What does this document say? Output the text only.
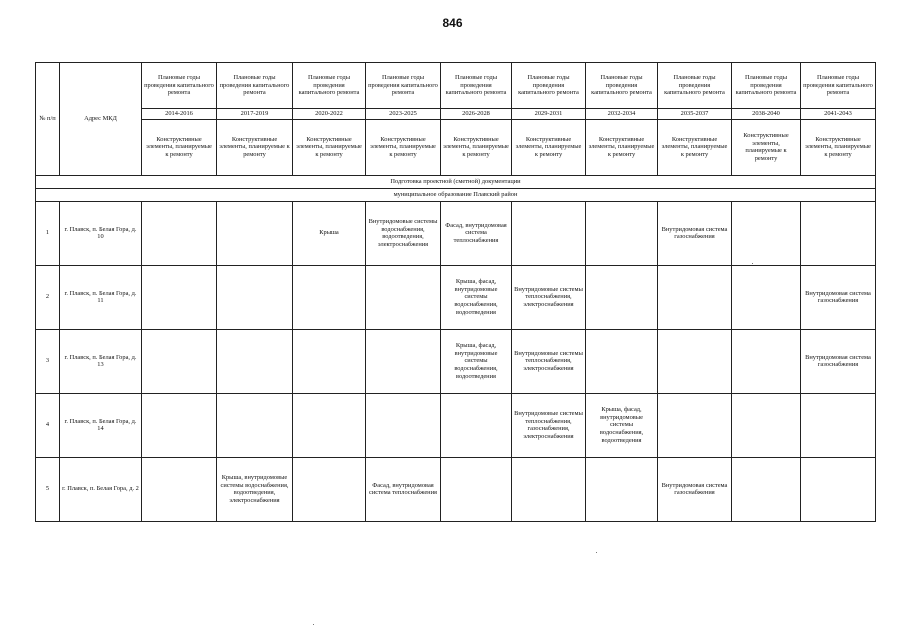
846
№ п/п	Адрес МКД	Плановые годы проведения капитального ремонта	Плановые годы проведения капитального ремонта	Плановые годы проведения капитального ремонта	Плановые годы проведения капитального ремонта	Плановые годы проведения капитального ремонта	Плановые годы проведения капитального ремонта	Плановые годы проведения капитального ремонта	Плановые годы проведения капитального ремонта	Плановые годы проведения капитального ремонта	Плановые годы проведения капитального ремонта
		2014-2016	2017-2019	2020-2022	2023-2025	2026-2028	2029-2031	2032-2034	2035-2037	2038-2040	2041-2043
		Конструктивные элементы, планируемые к ремонту	Конструктивные элементы, планируемые к ремонту	Конструктивные элементы, планируемые к ремонту	Конструктивные элементы, планируемые к ремонту	Конструктивные элементы, планируемые к ремонту	Конструктивные элементы, планируемые к ремонту	Конструктивные элементы, планируемые к ремонту	Конструктивные элементы, планируемые к ремонту	Конструктивные элементы, планируемые к ремонту	Конструктивные элементы, планируемые к ремонту
Подготовка проектной (сметной) документации											
муниципальное образование Плавский район											
1	г. Плавск, п. Белая Гора, д. 10			Крыша	Внутридомовые системы водоснабжения, водоотведения, электроснабжения	Фасад, внутридомовая система теплоснабжения			Внутридомовая система газоснабжения		
2	г. Плавск, п. Белая Гора, д. 11					Крыша, фасад, внутридомовые системы водоснабжения, водоотведения	Внутридомовые системы теплоснабжения, электроснабжения				Внутридомовая система газоснабжения
3	г. Плавск, п. Белая Гора, д. 13					Крыша, фасад, внутридомовые системы водоснабжения, водоотведения	Внутридомовые системы теплоснабжения, электроснабжения				Внутридомовая система газоснабжения
4	г. Плавск, п. Белая Гора, д. 14						Внутридомовые системы теплоснабжения, газоснабжения, электроснабжения	Крыша, фасад, внутридомовые системы водоснабжения, водоотведения			
5	г. Плавск, п. Белая Гора, д. 2		Крыша, внутридомовые системы водоснабжения, водоотведения, электроснабжения		Фасад, внутридомовая система теплоснабжения				Внутридомовая система газоснабжения		
